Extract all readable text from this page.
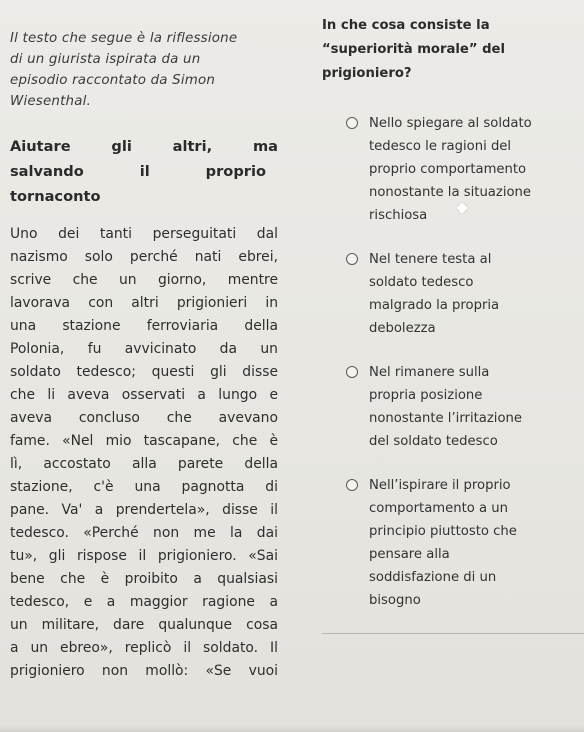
Il testo che segue è la riflessione
di un giurista ispirata da un
episodio raccontato da Simon
Wiesenthal.

Aiutare	gli	altri,	ma
salvando	il	proprio
tornaconto
Uno dei tanti perseguitati dal
nazismo solo perché nati ebrei,
scrive che un giorno, mentre
lavorava con altri prigionieri in
una stazione ferroviaria della
Polonia, fu avvicinato da un
soldato tedesco; questi gli disse
che li aveva osservati a lungo e
aveva concluso che avevano
fame. «Nel mio tascapane, che è
lì, accostato alla parete della
stazione, c'è una pagnotta di
pane. Va' a prendertela», disse il
tedesco. «Perché non me la dai
tu», gli rispose il prigioniero. «Sai
bene che è proibito a qualsiasi
tedesco, e a maggior ragione a
un militare, dare qualunque cosa
a un ebreo», replicò il soldato. Il
prigioniero non mollò: «Se vuoi

In che cosa consiste la
“superiorità morale” del
prigioniero?

Nello spiegare al soldato
tedesco le ragioni del
proprio comportamento
nonostante la situazione
rischiosa
Nel tenere testa al
soldato tedesco
malgrado la propria
debolezza
Nel rimanere sulla
propria posizione
nonostante l’irritazione
del soldato tedesco
Nell’ispirare il proprio
comportamento a un
principio piuttosto che
pensare alla
soddisfazione di un
bisogno
